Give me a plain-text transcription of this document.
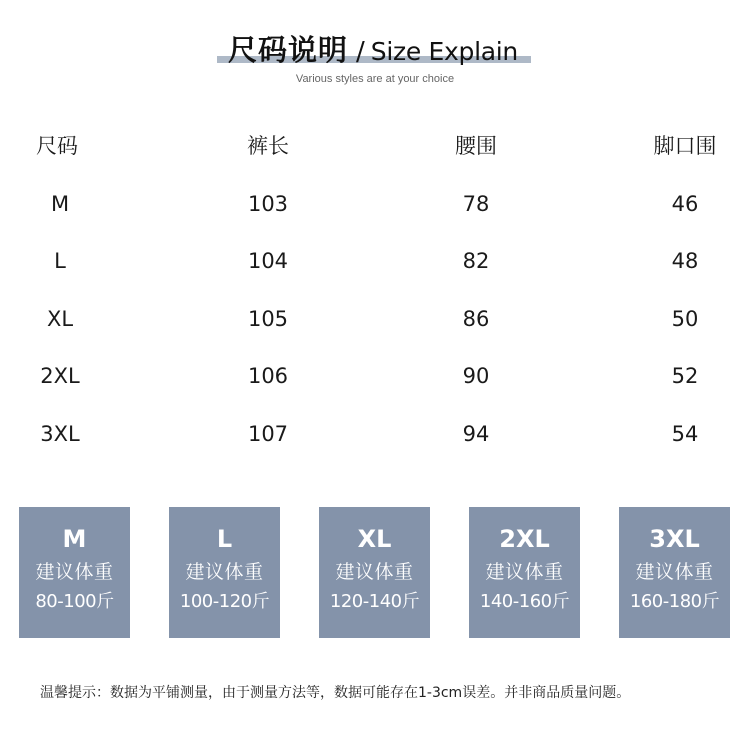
尺码说明 / Size Explain
Various styles are at your choice
尺码	裤长	腰围	脚口围
M	103	78	46
L	104	82	48
XL	105	86	50
2XL	106	90	52
3XL	107	94	54
M
建议体重
80-100斤
L
建议体重
100-120斤
XL
建议体重
120-140斤
2XL
建议体重
140-160斤
3XL
建议体重
160-180斤
温馨提示：数据为平铺测量，由于测量方法等，数据可能存在1-3cm误差。并非商品质量问题。
